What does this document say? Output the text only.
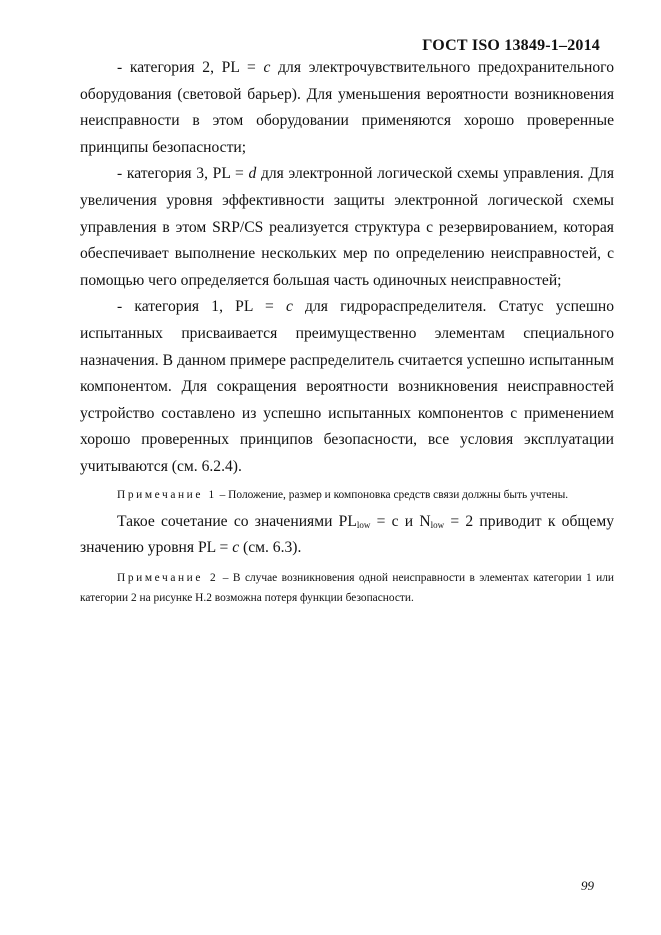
ГОСТ ISO 13849-1–2014

- категория 2, PL = c для электрочувствительного предохранительного оборудования (световой барьер). Для уменьшения вероятности возникновения неисправности в этом оборудовании применяются хорошо проверенные принципы безопасности;

- категория 3, PL = d для электронной логической схемы управления. Для увеличения уровня эффективности защиты электронной логической схемы управления в этом SRP/CS реализуется структура с резервированием, которая обеспечивает выполнение нескольких мер по определению неисправностей, с помощью чего определяется большая часть одиночных неисправностей;

- категория 1, PL = c для гидрораспределителя. Статус успешно испытанных присваивается преимущественно элементам специального назначения. В данном примере распределитель считается успешно испытанным компонентом. Для сокращения вероятности возникновения неисправностей устройство составлено из успешно испытанных компонентов с применением хорошо проверенных принципов безопасности, все условия эксплуатации учитываются (см. 6.2.4).

Примечание 1 – Положение, размер и компоновка средств связи должны быть учтены.

Такое сочетание со значениями $PL_{low} = c$ и $N_{low} = 2$ приводит к общему значению уровня PL = c (см. 6.3).

Примечание 2 – В случае возникновения одной неисправности в элементах категории 1 или категории 2 на рисунке Н.2 возможна потеря функции безопасности.

99
